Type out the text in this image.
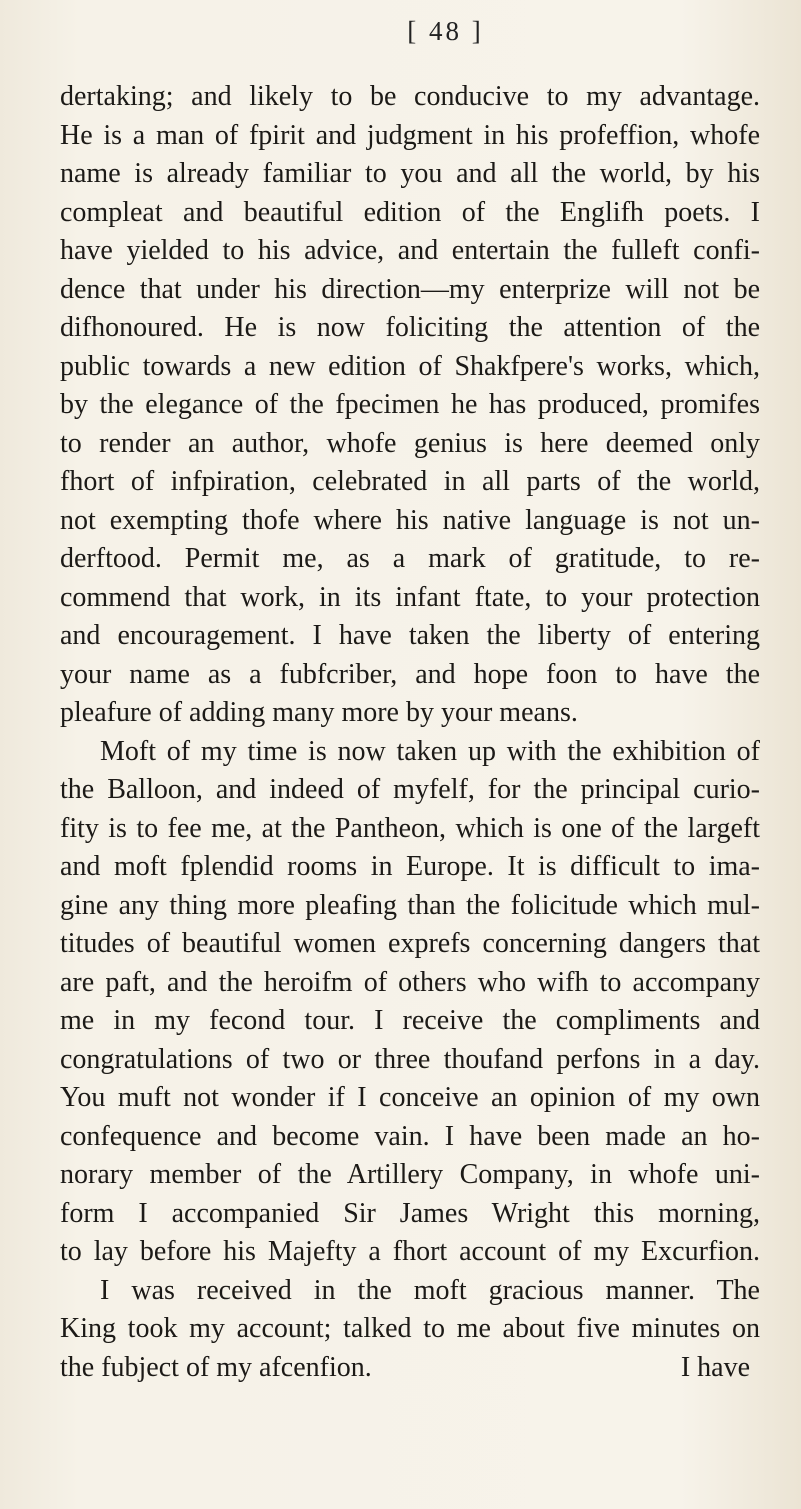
[ 48 ]
dertaking; and likely to be conducive to my advantage.
He is a man of fpirit and judgment in his profeffion, whofe
name is already familiar to you and all the world, by his
compleat and beautiful edition of the Englifh poets. I
have yielded to his advice, and entertain the fulleft confi-
dence that under his direction—my enterprize will not be
difhonoured. He is now foliciting the attention of the
public towards a new edition of Shakfpere's works, which,
by the elegance of the fpecimen he has produced, promifes
to render an author, whofe genius is here deemed only
fhort of infpiration, celebrated in all parts of the world,
not exempting thofe where his native language is not un-
derftood. Permit me, as a mark of gratitude, to re-
commend that work, in its infant ftate, to your protection
and encouragement. I have taken the liberty of entering
your name as a fubfcriber, and hope foon to have the
pleafure of adding many more by your means.
Moft of my time is now taken up with the exhibition of
the Balloon, and indeed of myfelf, for the principal curio-
fity is to fee me, at the Pantheon, which is one of the largeft
and moft fplendid rooms in Europe. It is difficult to ima-
gine any thing more pleafing than the folicitude which mul-
titudes of beautiful women exprefs concerning dangers that
are paft, and the heroifm of others who wifh to accompany
me in my fecond tour. I receive the compliments and
congratulations of two or three thoufand perfons in a day.
You muft not wonder if I conceive an opinion of my own
confequence and become vain. I have been made an ho-
norary member of the Artillery Company, in whofe uni-
form I accompanied Sir James Wright this morning,
to lay before his Majefty a fhort account of my Excurfion.
I was received in the moft gracious manner. The
King took my account; talked to me about five minutes on
the fubject of my afcenfion.	I have
